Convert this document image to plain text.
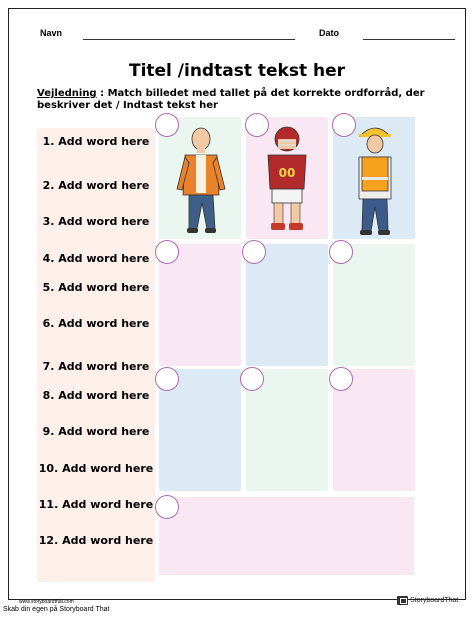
Navn	Dato
Titel /indtast tekst her
Vejledning : Match billedet med tallet på det korrekte ordforråd, der beskriver det / Indtast tekst her
1. Add word here
2. Add word here
3. Add word here
4. Add word here
5. Add word here
6. Add word here
7. Add word here
8. Add word here
9. Add word here
10. Add word here
11. Add word here
12. Add word here
00
www.storyboardthat.com	StoryboardThat
Skab din egen på Storyboard That
